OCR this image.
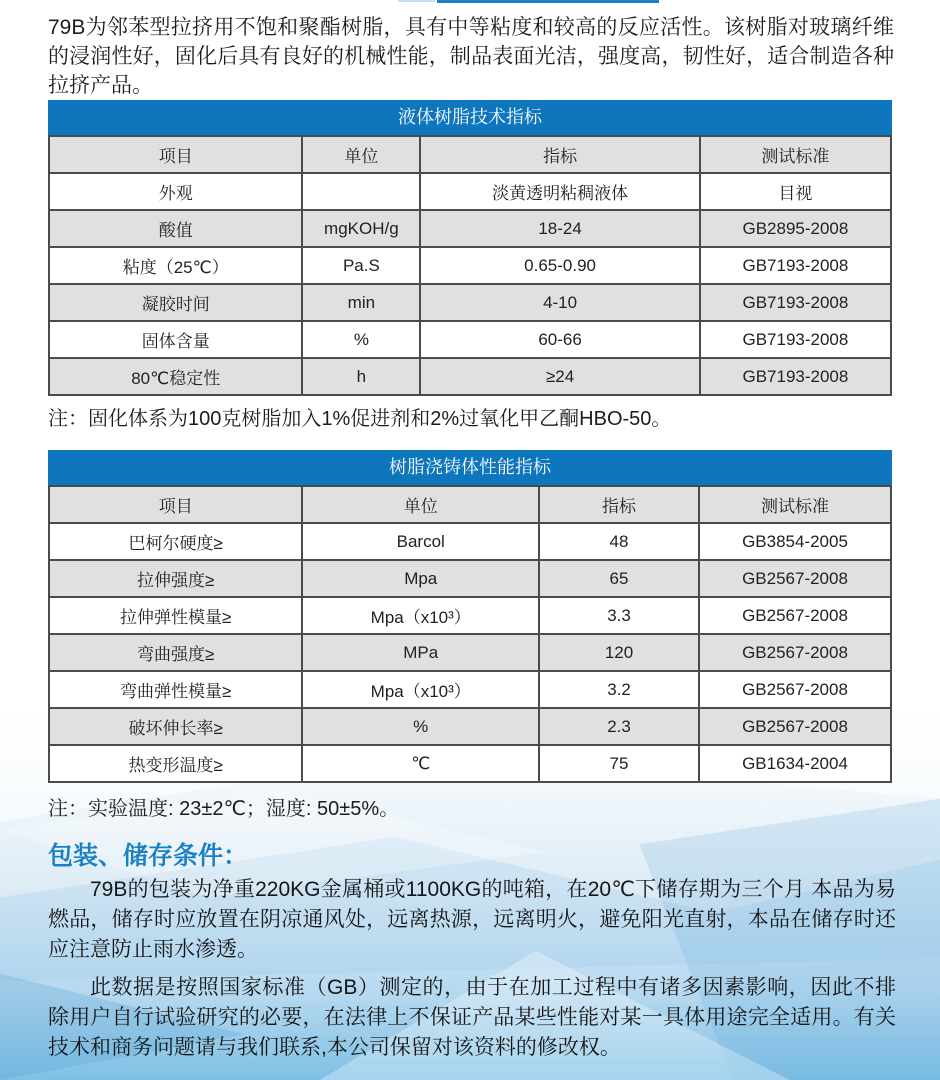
79B为邻苯型拉挤用不饱和聚酯树脂，具有中等粘度和较高的反应活性。该树脂对玻璃纤维的浸润性好，固化后具有良好的机械性能，制品表面光洁，强度高，韧性好，适合制造各种拉挤产品。
液体树脂技术指标
项目	单位	指标	测试标准
外观		淡黄透明粘稠液体	目视
酸值	mgKOH/g	18-24	GB2895-2008
粘度（25℃）	Pa.S	0.65-0.90	GB7193-2008
凝胶时间	min	4-10	GB7193-2008
固体含量	%	60-66	GB7193-2008
80℃稳定性	h	≥24	GB7193-2008
注：固化体系为100克树脂加入1%促进剂和2%过氧化甲乙酮HBO-50。
树脂浇铸体性能指标
项目	单位	指标	测试标准
巴柯尔硬度≥	Barcol	48	GB3854-2005
拉伸强度≥	Mpa	65	GB2567-2008
拉伸弹性模量≥	Mpa（x10³）	3.3	GB2567-2008
弯曲强度≥	MPa	120	GB2567-2008
弯曲弹性模量≥	Mpa（x10³）	3.2	GB2567-2008
破坏伸长率≥	%	2.3	GB2567-2008
热变形温度≥	℃	75	GB1634-2004
注：实验温度: 23±2℃；湿度: 50±5%。
包装、储存条件：
79B的包装为净重220KG金属桶或1100KG的吨箱，在20℃下储存期为三个月 本品为易燃品，储存时应放置在阴凉通风处，远离热源，远离明火，避免阳光直射，本品在储存时还应注意防止雨水渗透。
此数据是按照国家标准（GB）测定的，由于在加工过程中有诸多因素影响，因此不排除用户自行试验研究的必要，在法律上不保证产品某些性能对某一具体用途完全适用。有关技术和商务问题请与我们联系,本公司保留对该资料的修改权。
